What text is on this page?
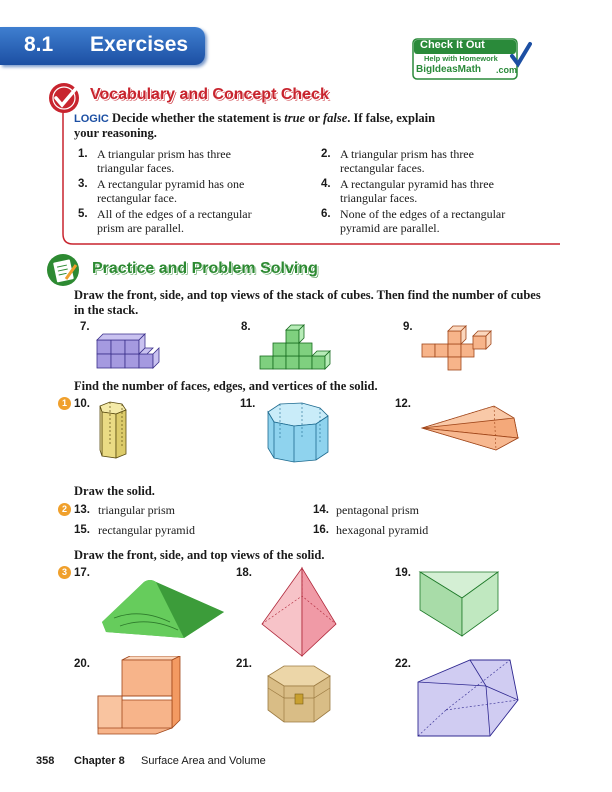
8.1 Exercises	Check It Out
Help with Homework
BigIdeasMath .com
Vocabulary and Concept Check
LOGIC Decide whether the statement is true or false. If false, explain
your reasoning.
1. A triangular prism has three
triangular faces.
2. A triangular prism has three
rectangular faces.
3. A rectangular pyramid has one
rectangular face.
4. A rectangular pyramid has three
triangular faces.
5. All of the edges of a rectangular
prism are parallel.
6. None of the edges of a rectangular
pyramid are parallel.
Practice and Problem Solving
Draw the front, side, and top views of the stack of cubes. Then find the number of cubes
in the stack.
7.	8.	9.
Find the number of faces, edges, and vertices of the solid.
1 10.	11.	12.
Draw the solid.
2 13. triangular prism	14. pentagonal prism
15. rectangular pyramid	16. hexagonal pyramid
Draw the front, side, and top views of the solid.
3 17.	18.	19.
20.	21.	22.
358 Chapter 8 Surface Area and Volume
